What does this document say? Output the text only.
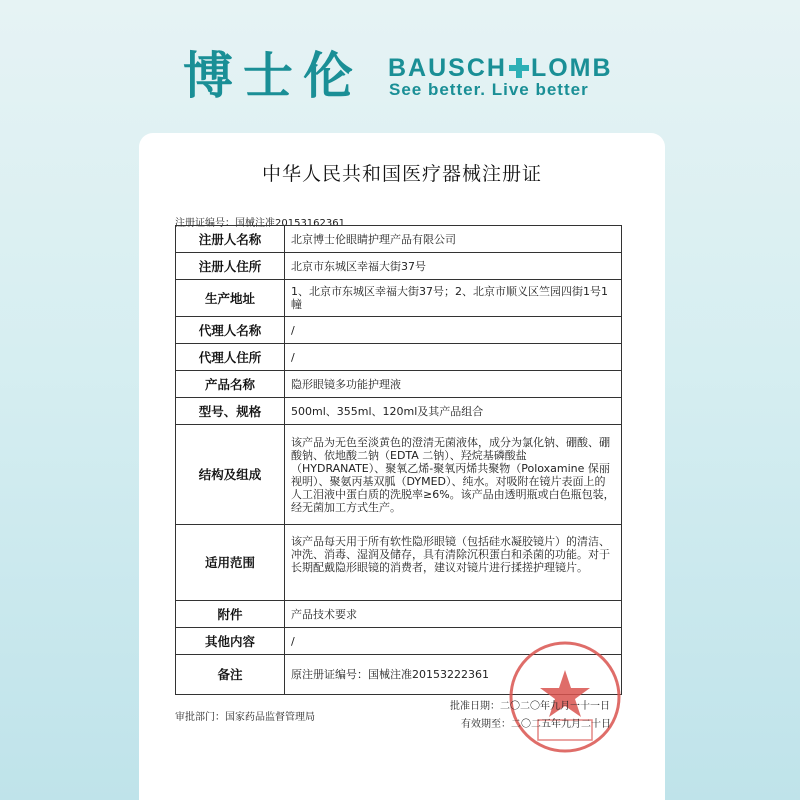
博士伦 BAUSCH LOMB
See better. Live better
中华人民共和国医疗器械注册证
注册证编号：国械注准20153162361
注册人名称	北京博士伦眼睛护理产品有限公司
注册人住所	北京市东城区幸福大街37号
生产地址	1、北京市东城区幸福大街37号；2、北京市顺义区竺园四街1号1幢
代理人名称	/
代理人住所	/
产品名称	隐形眼镜多功能护理液
型号、规格	500ml、355ml、120ml及其产品组合
结构及组成	该产品为无色至淡黄色的澄清无菌液体，成分为氯化钠、硼酸、硼酸钠、依地酸二钠（EDTA 二钠）、羟烷基磷酸盐（HYDRANATE）、聚氧乙烯-聚氧丙烯共聚物（Poloxamine 保丽视明）、聚氨丙基双胍（DYMED）、纯水。对吸附在镜片表面上的人工泪液中蛋白质的洗脱率≥6%。该产品由透明瓶或白色瓶包装，经无菌加工方式生产。
适用范围	该产品每天用于所有软性隐形眼镜（包括硅水凝胶镜片）的清洁、冲洗、消毒、湿润及储存，具有清除沉积蛋白和杀菌的功能。对于长期配戴隐形眼镜的消费者，建议对镜片进行揉搓护理镜片。
附件	产品技术要求
其他内容	/
备注	原注册证编号：国械注准20153222361
审批部门：国家药品监督管理局
批准日期：二〇二〇年九月一十一日
有效期至：二〇二五年九月二十日
